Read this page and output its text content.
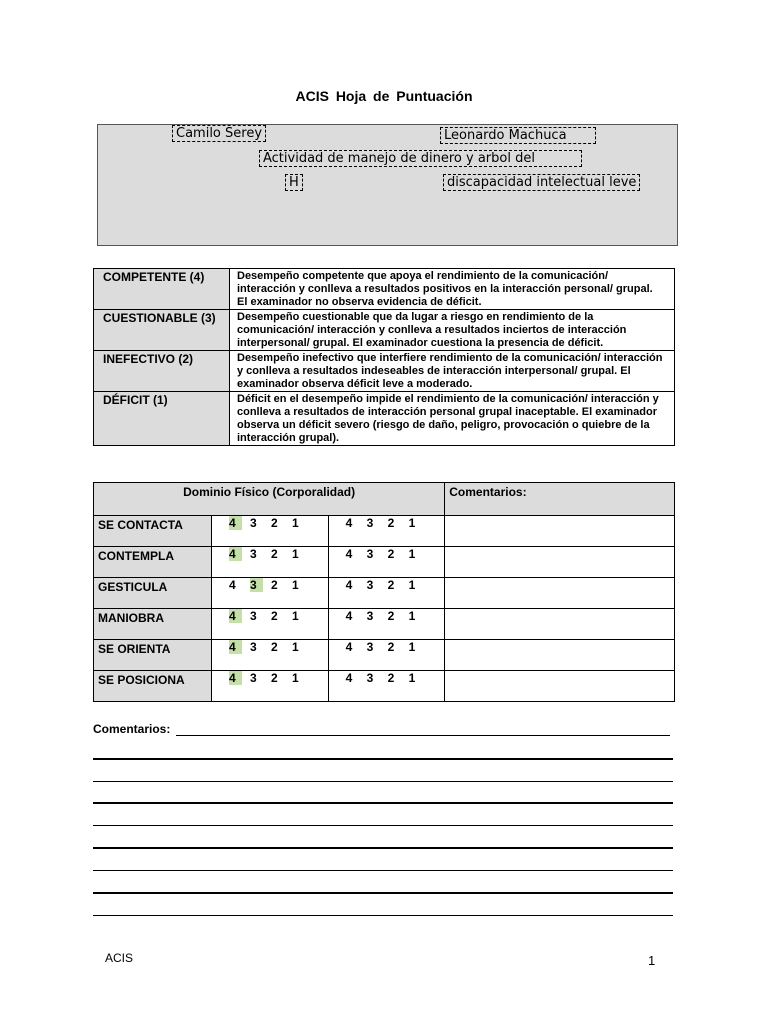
ACIS Hoja de Puntuación
Camilo Serey	Leonardo Machuca
Actividad de manejo de dinero y arbol del
H	discapacidad intelectual leve
COMPETENTE (4)	Desempeño competente que apoya el rendimiento de la comunicación/ interacción y conlleva a resultados positivos en la interacción personal/ grupal. El examinador no observa evidencia de déficit.
CUESTIONABLE (3)	Desempeño cuestionable que da lugar a riesgo en rendimiento de la comunicación/ interacción y conlleva a resultados inciertos de interacción interpersonal/ grupal. El examinador cuestiona la presencia de déficit.
INEFECTIVO (2)	Desempeño inefectivo que interfiere rendimiento de la comunicación/ interacción y conlleva a resultados indeseables de interacción interpersonal/ grupal. El examinador observa déficit leve a moderado.
DÉFICIT (1)	Déficit en el desempeño impide el rendimiento de la comunicación/ interacción y conlleva a resultados de interacción personal grupal inaceptable. El examinador observa un déficit severo (riesgo de daño, peligro, provocación o quiebre de la interacción grupal).
Dominio Físico (Corporalidad)			Comentarios:
SE CONTACTA	4 3 2 1	4 3 2 1	
CONTEMPLA	4 3 2 1	4 3 2 1	
GESTICULA	4 3 2 1	4 3 2 1	
MANIOBRA	4 3 2 1	4 3 2 1	
SE ORIENTA	4 3 2 1	4 3 2 1	
SE POSICIONA	4 3 2 1	4 3 2 1	
Comentarios:
ACIS	1
